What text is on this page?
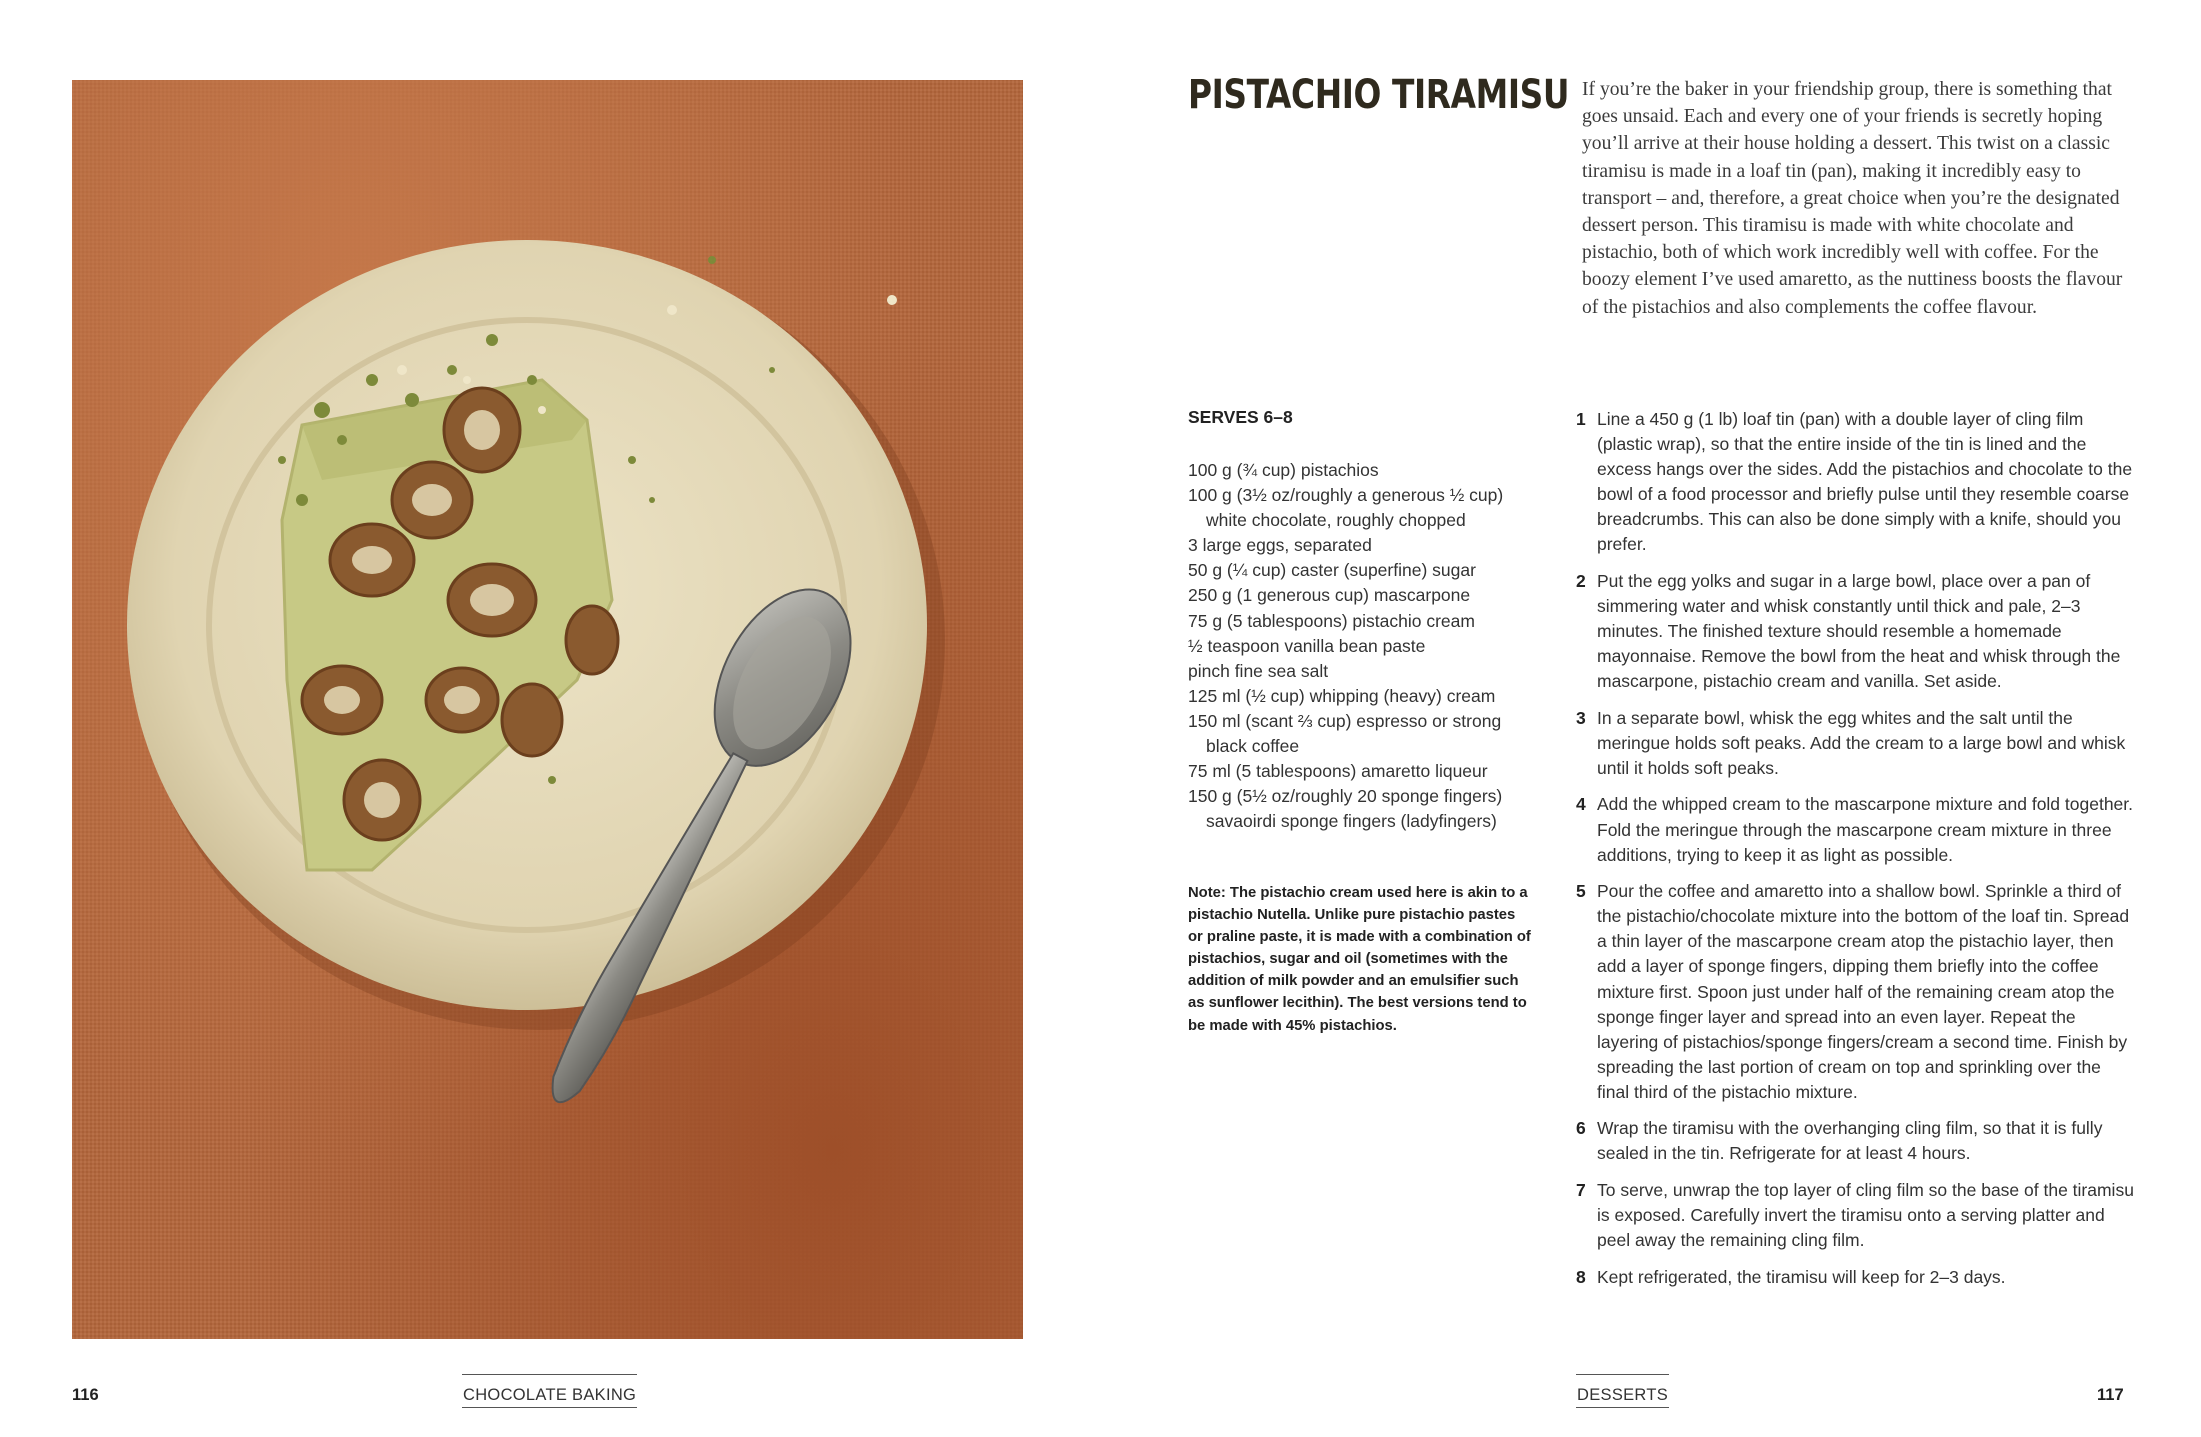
PISTACHIO TIRAMISU If you’re the baker in your friendship group, there is something that goes unsaid. Each and every one of your friends is secretly hoping you’ll arrive at their house holding a dessert. This twist on a classic tiramisu is made in a loaf tin (pan), making it incredibly easy to transport – and, therefore, a great choice when you’re the designated dessert person. This tiramisu is made with white chocolate and pistachio, both of which work incredibly well with coffee. For the boozy element I’ve used amaretto, as the nuttiness boosts the flavour of the pistachios and also complements the coffee flavour.

SERVES 6–8
100 g (¾ cup) pistachios
100 g (3½ oz/roughly a generous ½ cup) white chocolate, roughly chopped
3 large eggs, separated
50 g (¼ cup) caster (superfine) sugar
250 g (1 generous cup) mascarpone
75 g (5 tablespoons) pistachio cream
½ teaspoon vanilla bean paste
pinch fine sea salt
125 ml (½ cup) whipping (heavy) cream
150 ml (scant ⅔ cup) espresso or strong black coffee
75 ml (5 tablespoons) amaretto liqueur
150 g (5½ oz/roughly 20 sponge fingers) savaoirdi sponge fingers (ladyfingers)
Note: The pistachio cream used here is akin to a pistachio Nutella. Unlike pure pistachio pastes or praline paste, it is made with a combination of pistachios, sugar and oil (sometimes with the addition of milk powder and an emulsifier such as sunflower lecithin). The best versions tend to be made with 45% pistachios.
1 Line a 450 g (1 lb) loaf tin (pan) with a double layer of cling film (plastic wrap), so that the entire inside of the tin is lined and the excess hangs over the sides. Add the pistachios and chocolate to the bowl of a food processor and briefly pulse until they resemble coarse breadcrumbs. This can also be done simply with a knife, should you prefer.
2 Put the egg yolks and sugar in a large bowl, place over a pan of simmering water and whisk constantly until thick and pale, 2–3 minutes. The finished texture should resemble a homemade mayonnaise. Remove the bowl from the heat and whisk through the mascarpone, pistachio cream and vanilla. Set aside.
3 In a separate bowl, whisk the egg whites and the salt until the meringue holds soft peaks. Add the cream to a large bowl and whisk until it holds soft peaks.
4 Add the whipped cream to the mascarpone mixture and fold together. Fold the meringue through the mascarpone cream mixture in three additions, trying to keep it as light as possible.
5 Pour the coffee and amaretto into a shallow bowl. Sprinkle a third of the pistachio/chocolate mixture into the bottom of the loaf tin. Spread a thin layer of the mascarpone cream atop the pistachio layer, then add a layer of sponge fingers, dipping them briefly into the coffee mixture first. Spoon just under half of the remaining cream atop the sponge finger layer and spread into an even layer. Repeat the layering of pistachios/sponge fingers/cream a second time. Finish by spreading the last portion of cream on top and sprinkling over the final third of the pistachio mixture.
6 Wrap the tiramisu with the overhanging cling film, so that it is fully sealed in the tin. Refrigerate for at least 4 hours.
7 To serve, unwrap the top layer of cling film so the base of the tiramisu is exposed. Carefully invert the tiramisu onto a serving platter and peel away the remaining cling film.
8 Kept refrigerated, the tiramisu will keep for 2–3 days.
116	CHOCOLATE BAKING	DESSERTS	117
